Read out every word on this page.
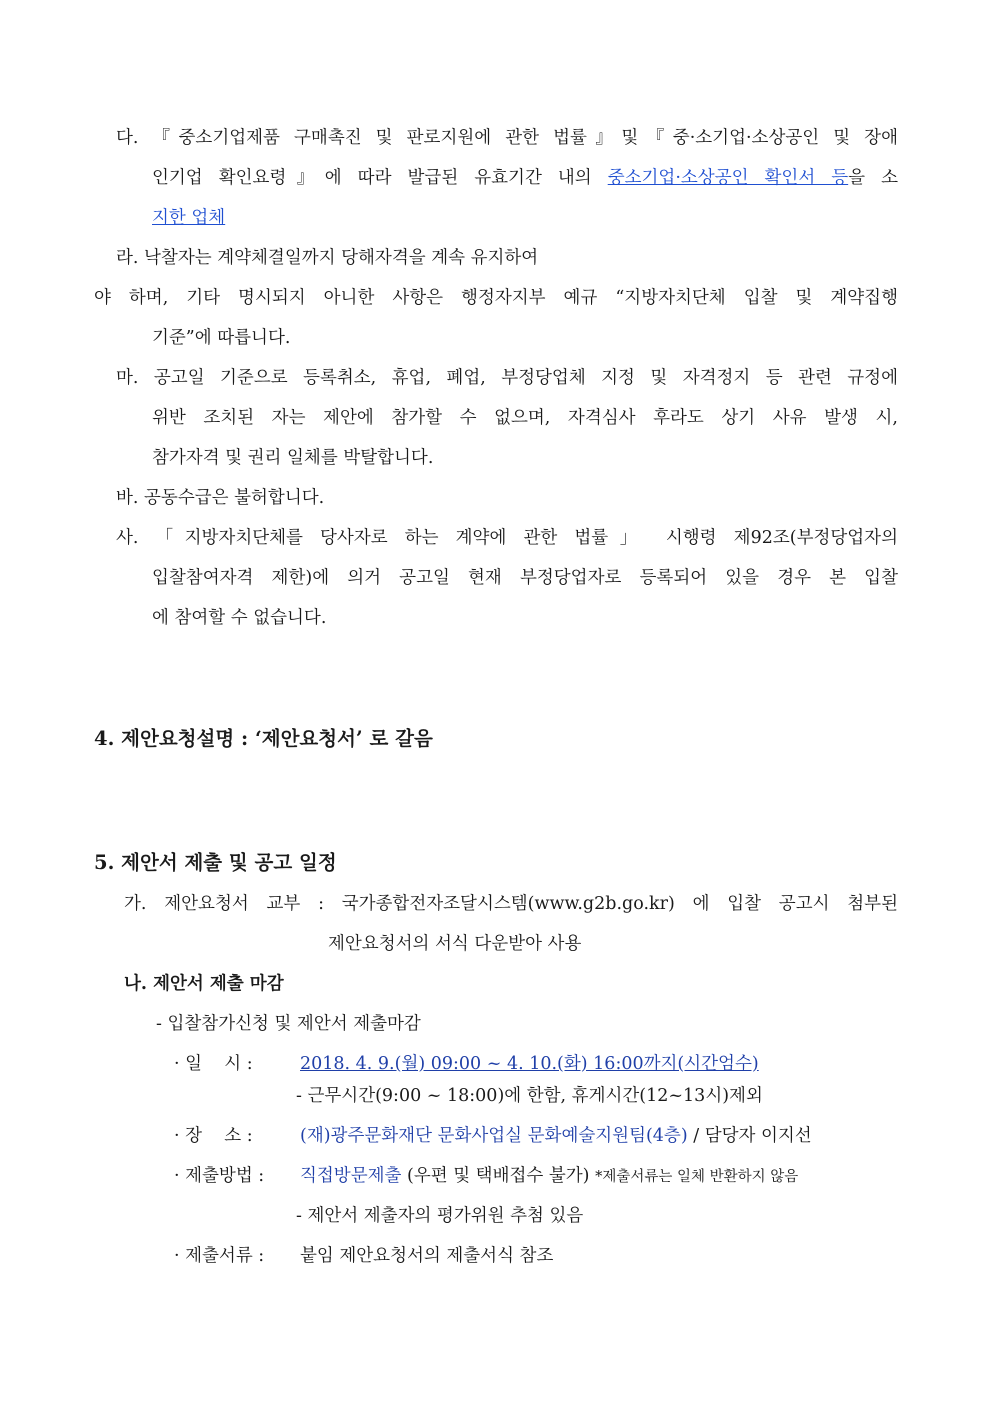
다. 『중소기업제품 구매촉진 및 판로지원에 관한 법률』및『중·소기업·소상공인 및 장애
인기업 확인요령』에 따라 발급된 유효기간 내의 중소기업·소상공인 확인서 등을 소
지한 업체
라. 낙찰자는 계약체결일까지 당해자격을 계속 유지하여
야 하며, 기타 명시되지 아니한 사항은 행정자지부 예규 “지방자치단체 입찰 및 계약집행
기준”에 따릅니다.
마. 공고일 기준으로 등록취소, 휴업, 폐업, 부정당업체 지정 및 자격정지 등 관련 규정에
위반 조치된 자는 제안에 참가할 수 없으며, 자격심사 후라도 상기 사유 발생 시,
참가자격 및 권리 일체를 박탈합니다.
바. 공동수급은 불허합니다.
사. 「지방자치단체를 당사자로 하는 계약에 관한 법률」 시행령 제92조(부정당업자의
입찰참여자격 제한)에 의거 공고일 현재 부정당업자로 등록되어 있을 경우 본 입찰
에 참여할 수 없습니다.
4. 제안요청설명 : ‘제안요청서’ 로 갈음
5. 제안서 제출 및 공고 일정
가. 제안요청서 교부 : 국가종합전자조달시스템(www.g2b.go.kr) 에 입찰 공고시 첨부된
제안요청서의 서식 다운받아 사용
나. 제안서 제출 마감
- 입찰참가신청 및 제안서 제출마감
· 일    시 :	2018. 4. 9.(월) 09:00 ~ 4. 10.(화) 16:00까지(시간엄수)
- 근무시간(9:00 ~ 18:00)에 한함, 휴게시간(12~13시)제외
· 장    소 :	(재)광주문화재단 문화사업실 문화예술지원팀(4층) / 담당자 이지선
· 제출방법 : 직접방문제출 (우편 및 택배접수 불가) *제출서류는 일체 반환하지 않음
- 제안서 제출자의 평가위원 추첨 있음
· 제출서류 : 붙임 제안요청서의 제출서식 참조
